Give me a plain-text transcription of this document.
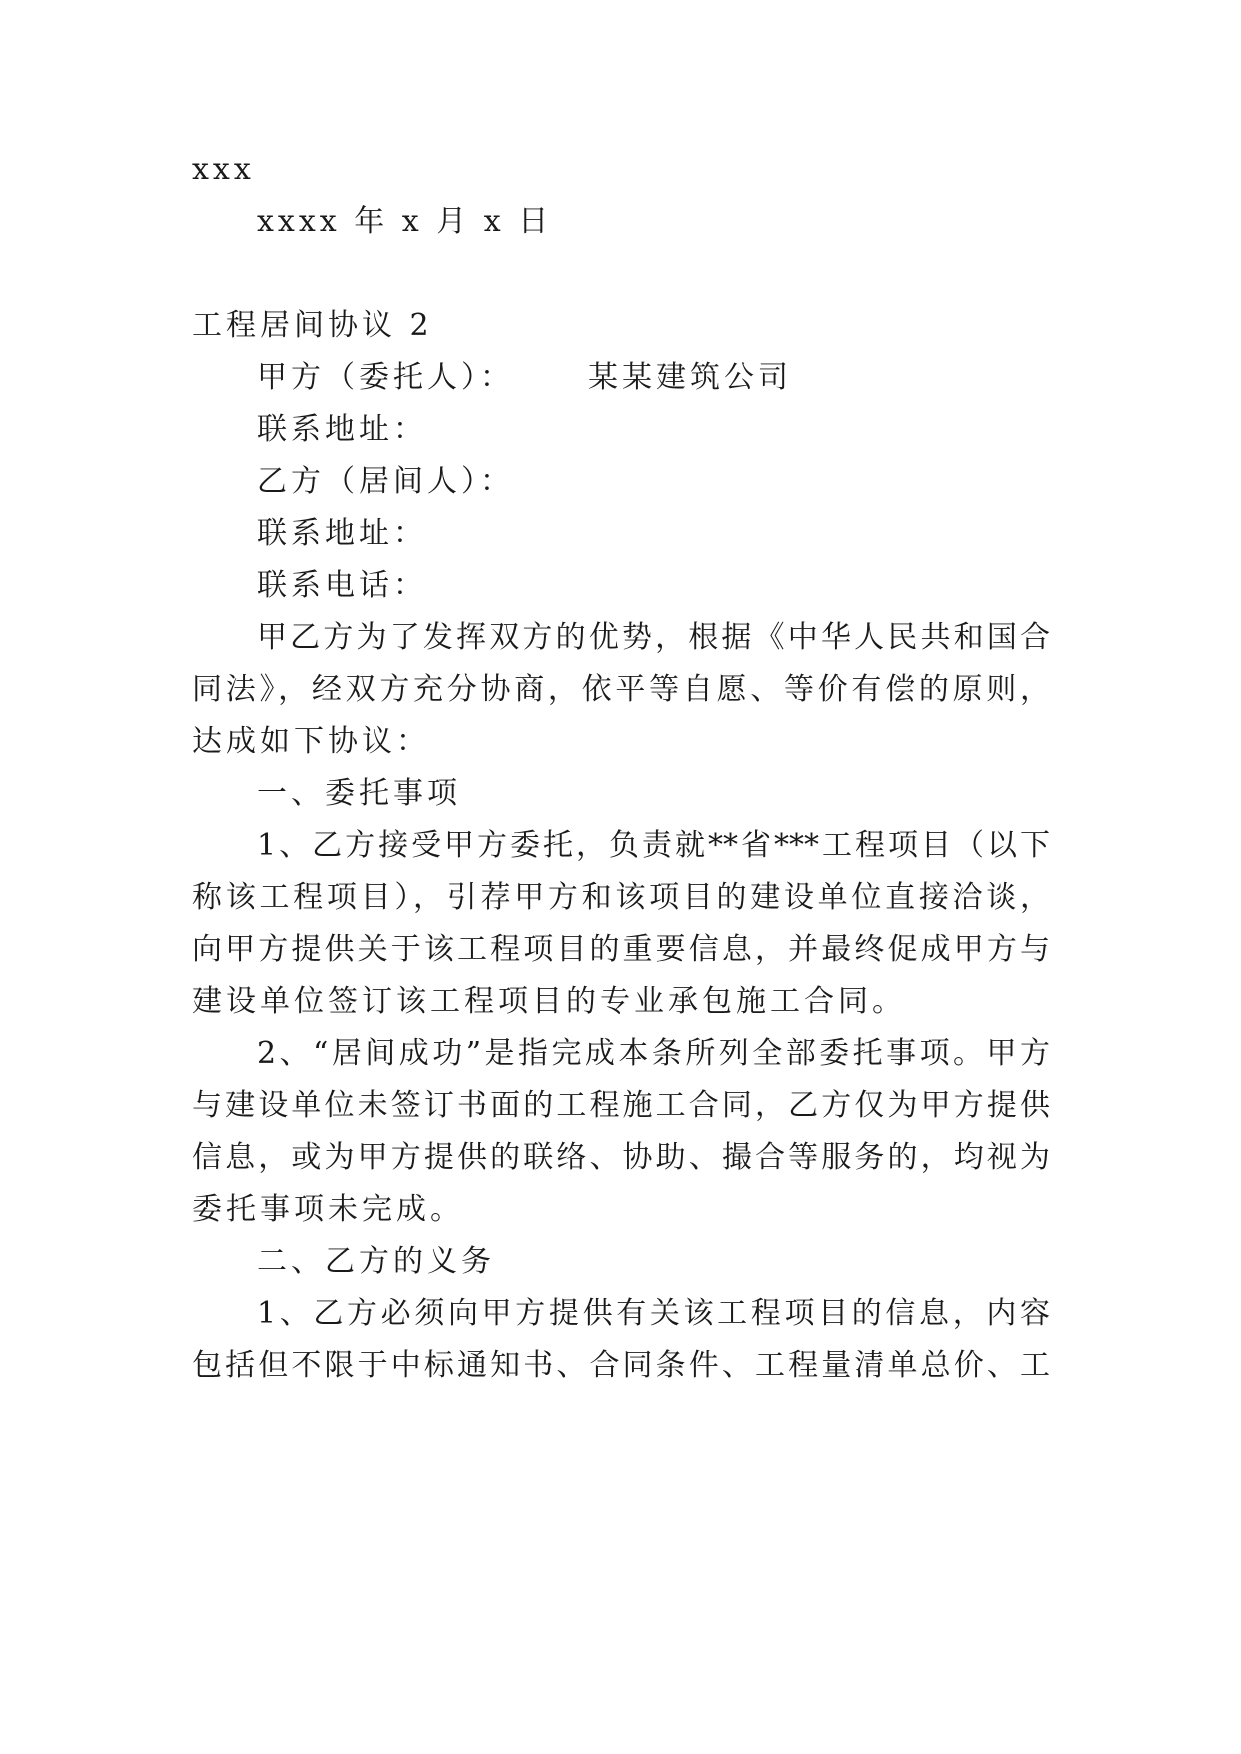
xxx
xxxx 年 x 月 x 日
工程居间协议 2
甲方（委托人）： 某某建筑公司
联系地址：
乙方（居间人）：
联系地址：
联系电话：
甲乙方为了发挥双方的优势，根据《中华人民共和国合
同法》，经双方充分协商，依平等自愿、等价有偿的原则，
达成如下协议：
一、委托事项
1、乙方接受甲方委托，负责就**省***工程项目（以下
称该工程项目），引荐甲方和该项目的建设单位直接洽谈，
向甲方提供关于该工程项目的重要信息，并最终促成甲方与
建设单位签订该工程项目的专业承包施工合同。
2、“居间成功”是指完成本条所列全部委托事项。甲方
与建设单位未签订书面的工程施工合同，乙方仅为甲方提供
信息，或为甲方提供的联络、协助、撮合等服务的，均视为
委托事项未完成。
二、乙方的义务
1、乙方必须向甲方提供有关该工程项目的信息，内容
包括但不限于中标通知书、合同条件、工程量清单总价、工
